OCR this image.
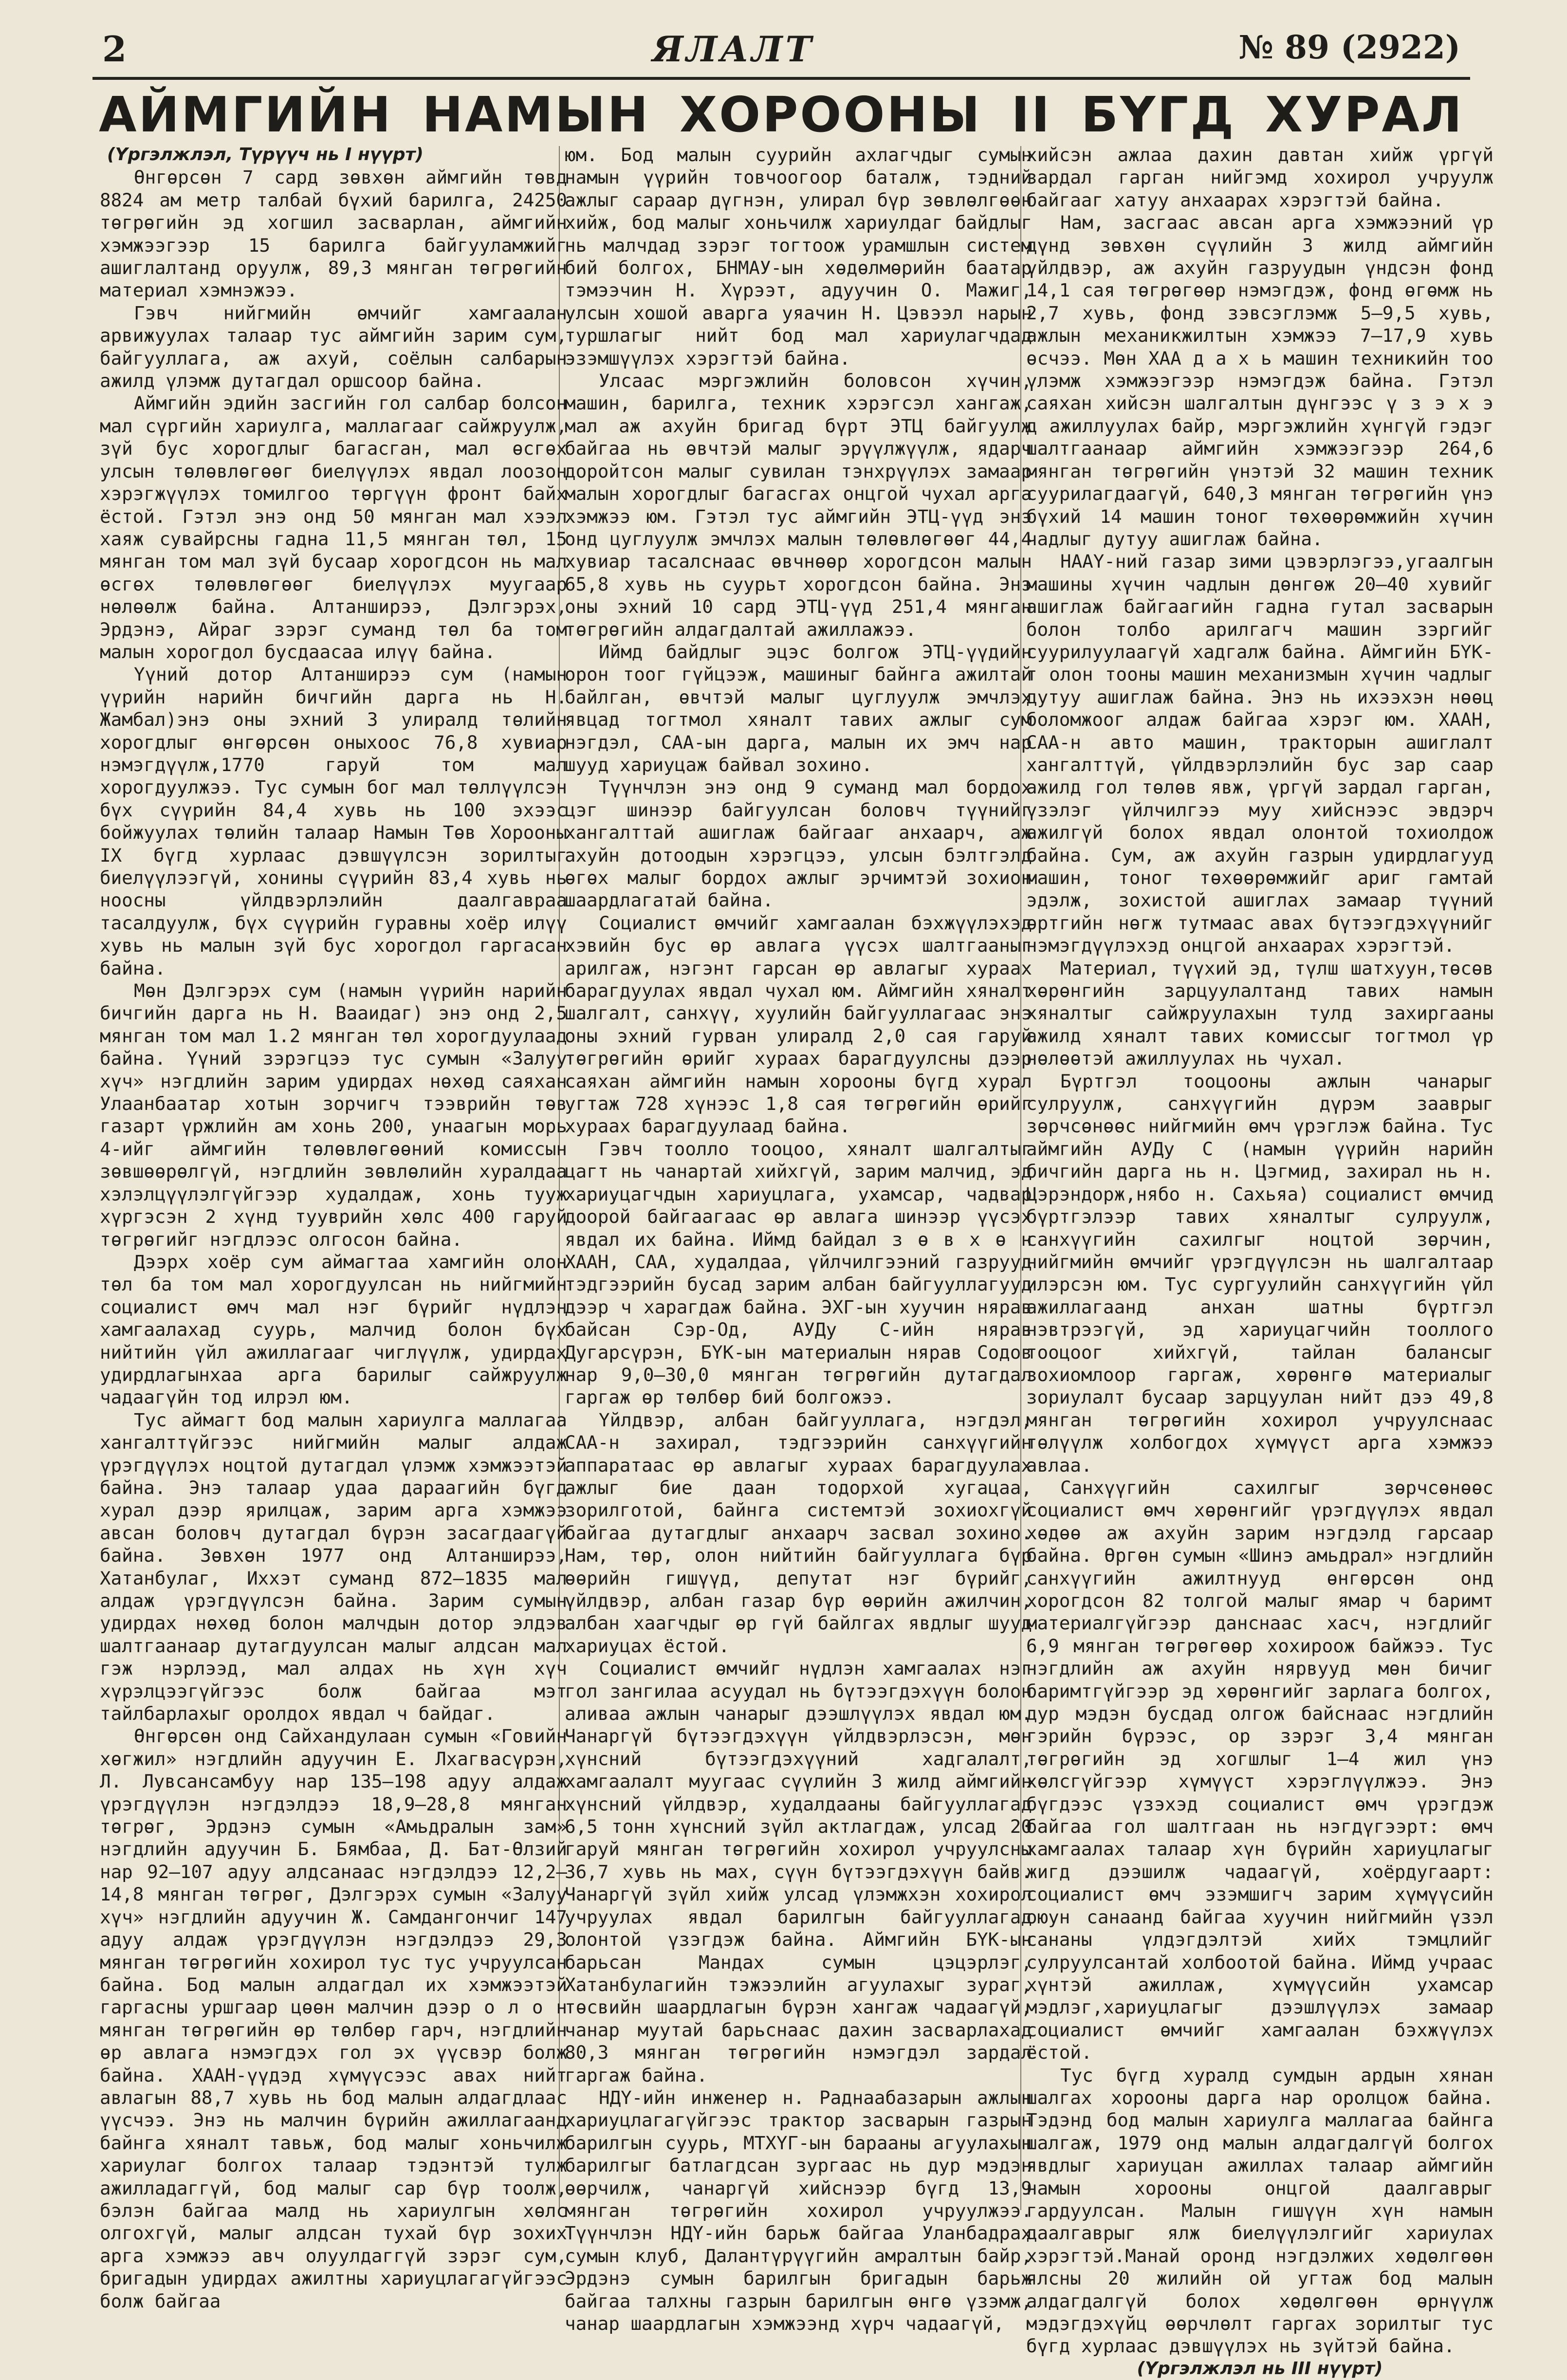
2	ЯЛАЛТ	№ 89 (2922)
АЙМГИЙН НАМЫН ХОРООНЫ II БҮГД ХУРАЛ

(Үргэлжлэл, Түрүүч нь I нүүрт)

Өнгөрсөн 7 сард зөвхөн аймгийн төвд 8824 ам метр талбай бүхий барилга, 24250 төгрөгийн эд хогшил засварлан, аймгийн хэмжээгээр 15 барилга байгууламжийг ашиглалтанд оруулж, 89,3 мянган төгрөгийн материал хэмнэжээ.

Гэвч нийгмийн өмчийг хамгаалан арвижуулах талаар тус аймгийн зарим сум, байгууллага, аж ахуй, соёлын салбарын ажилд үлэмж дутагдал оршсоор байна.

Аймгийн эдийн засгийн гол салбар болсон мал сүргийн хариулга, маллагааг сайжруулж, зүй бус хорогдлыг багасган, мал өсгөх улсын төлөвлөгөөг биелүүлэх явдал лоозон хэрэгжүүлэх томилгоо төргүүн фронт байх ёстой. Гэтэл энэ онд 50 мянган мал хээл хаяж сувайрсны гадна 11,5 мянган төл, 15 мянган том мал зүй бусаар хорогдсон нь мал өсгөх төлөвлөгөөг биелүүлэх муугаар нөлөөлж байна. Алтанширээ, Дэлгэрэх, Эрдэнэ, Айраг зэрэг суманд төл ба том малын хорогдол бусдаасаа илүү байна.

Үүний дотор Алтанширээ сум (намын үүрийн нарийн бичгийн дарга нь Н. Жамбал)энэ оны эхний 3 улиралд төлийн хорогдлыг өнгөрсөн оныхоос 76,8 хувиар нэмэгдүүлж,1770 гаруй том мал хорогдуулжээ. Тус сумын бог мал төллүүлсэн бүх сүүрийн 84,4 хувь нь 100 эхээс бойжуулах төлийн талаар Намын Төв Хорооны IX бүгд хурлаас дэвшүүлсэн зорилтыг биелүүлээгүй, хонины сүүрийн 83,4 хувь нь ноосны үйлдвэрлэлийн даалгавраа тасалдуулж, бүх сүүрийн гуравны хоёр илүү хувь нь малын зүй бус хорогдол гаргасан байна.

Мөн Дэлгэрэх сум (намын үүрийн нарийн бичгийн дарга нь Н. Вааидаг) энэ онд 2,5 мянган том мал 1.2 мянган төл хорогдуулаад байна. Үүний зэрэгцээ тус сумын «Залуу хүч» нэгдлийн зарим удирдах нөхөд саяхан Улаанбаатар хотын зорчигч тээврийн төв газарт үржлийн ам хонь 200, унаагын морь 4-ийг аймгийн төлөвлөгөөний комиссын зөвшөөрөлгүй, нэгдлийн зөвлөлийн хуралдаа хэлэлцүүлэлгүйгээр худалдаж, хонь тууж хүргэсэн 2 хүнд тууврийн хөлс 400 гаруй төгрөгийг нэгдлээс олгосон байна.

Дээрх хоёр сум аймагтаа хамгийн олон төл ба том мал хорогдуулсан нь нийгмийн социалист өмч мал нэг бүрийг нүдлэн хамгаалахад суурь, малчид болон бүх нийтийн үйл ажиллагааг чиглүүлж, удирдах удирдлагынхаа арга барилыг сайжруулж чадаагүйн тод илрэл юм.

Тус аймагт бод малын хариулга маллагаа хангалттүйгээс нийгмийн малыг алдаж үрэгдүүлэх ноцтой дутагдал үлэмж хэмжээтэй байна. Энэ талаар удаа дараагийн бүгд хурал дээр ярилцаж, зарим арга хэмжээ авсан боловч дутагдал бүрэн засагдаагүй байна. Зөвхөн 1977 онд Алтанширээ, Хатанбулаг, Иххэт суманд 872—1835 мал алдаж үрэгдүүлсэн байна. Зарим сумын удирдах нөхөд болон малчдын дотор элдэв шалтгаанаар дутагдуулсан малыг алдсан мал гэж нэрлээд, мал алдах нь хүн хүч хүрэлцээгүйгээс болж байгаа мэт тайлбарлахыг оролдох явдал ч байдаг.

Өнгөрсөн онд Сайхандулаан сумын «Говийн хөгжил» нэгдлийн адуучин Е. Лхагвасүрэн, Л. Лувсансамбуу нар 135—198 адуу алдаж үрэгдүүлэн нэгдэлдээ 18,9—28,8 мянган төгрөг, Эрдэнэ сумын «Амьдралын зам» нэгдлийн адуучин Б. Бямбаа, Д. Бат-Өлзий нар 92—107 адуу алдсанаас нэгдэлдээ 12,2—14,8 мянган төгрөг, Дэлгэрэх сумын «Залуу хүч» нэгдлийн адуучин Ж. Самдангончиг 147 адуу алдаж үрэгдүүлэн нэгдэлдээ 29,3 мянган төгрөгийн хохирол тус тус учруулсан байна. Бод малын алдагдал их хэмжээтэй гаргасны уршгаар цөөн малчин дээр о л о н мянган төгрөгийн өр төлбөр гарч, нэгдлийн өр авлага нэмэгдэх гол эх үүсвэр болж байна. ХААН-үүдэд хүмүүсээс авах нийт авлагын 88,7 хувь нь бод малын алдагдлаас үүсчээ. Энэ нь малчин бүрийн ажиллагаанд байнга хяналт тавьж, бод малыг хоньчилж хариулаг болгох талаар тэдэнтэй тулж ажилладаггүй, бод малыг сар бүр тоолж, бэлэн байгаа малд нь хариулгын хөлс олгохгүй, малыг алдсан тухай бүр зохих арга хэмжээ авч олуулдаггүй зэрэг сум, бригадын удирдах ажилтны хариуцлагагүйгээс болж байгаа

юм. Бод малын суурийн ахлагчдыг сумын намын үүрийн товчоогоор баталж, тэдний ажлыг сараар дүгнэн, улирал бүр зөвлөлгөөн хийж, бод малыг хоньчилж хариулдаг байдлыг нь малчдад зэрэг тогтоож урамшлын систем бий болгох, БНМАУ-ын хөдөлмөрийн баатар тэмээчин Н. Хүрээт, адуучин О. Мажиг, улсын хошой аварга уяачин Н. Цэвээл нарын туршлагыг нийт бод мал хариулагчдад эзэмшүүлэх хэрэгтэй байна.

Улсаас мэргэжлийн боловсон хүчин, машин, барилга, техник хэрэгсэл хангаж, мал аж ахуйн бригад бүрт ЭТЦ байгуулж байгаа нь өвчтэй малыг эрүүлжүүлж, ядарч доройтсон малыг сувилан тэнхрүүлэх замаар малын хорогдлыг багасгах онцгой чухал арга хэмжээ юм. Гэтэл тус аймгийн ЭТЦ-үүд энэ онд цуглуулж эмчлэх малын төлөвлөгөөг 44,4 хувиар тасалснаас өвчнөөр хорогдсон малын 65,8 хувь нь суурьт хорогдсон байна. Энэ оны эхний 10 сард ЭТЦ-үүд 251,4 мянган төгрөгийн алдагдалтай ажиллажээ.

Иймд байдлыг эцэс болгож ЭТЦ-үүдийн орон тоог гүйцээж, машиныг байнга ажилтай байлган, өвчтэй малыг цуглуулж эмчлэх явцад тогтмол хяналт тавих ажлыг сум нэгдэл, САА-ын дарга, малын их эмч нар шууд хариуцаж байвал зохино.

Түүнчлэн энэ онд 9 суманд мал бордох цэг шинээр байгуулсан боловч түүнийг хангалттай ашиглаж байгааг анхаарч, аж ахуйн дотоодын хэрэгцээ, улсын бэлтгэлд өгөх малыг бордох ажлыг эрчимтэй зохион шаардлагатай байна.

Социалист өмчийг хамгаалан бэхжүүлэхэд хэвийн бус өр авлага үүсэх шалтгааныг арилгаж, нэгэнт гарсан өр авлагыг хураах барагдуулах явдал чухал юм. Аймгийн хяналт шалгалт, санхүү, хуулийн байгууллагаас энэ оны эхний гурван улиралд 2,0 сая гаруй төгрөгийн өрийг хураах барагдуулсны дээр саяхан аймгийн намын хорооны бүгд хурал угтаж 728 хүнээс 1,8 сая төгрөгийн өрийг хураах барагдуулаад байна.

Гэвч тоолло тооцоо, хяналт шалгалтыг цагт нь чанартай хийхгүй, зарим малчид, эд хариуцагчдын хариуцлага, ухамсар, чадвар доорой байгаагаас өр авлага шинээр үүсэх явдал их байна. Иймд байдал з ө в х ө н ХААН, САА, худалдаа, үйлчилгээний газрууд тэдгээрийн бусад зарим албан байгууллагууд дээр ч харагдаж байна. ЭХГ-ын хуучин нярав байсан Сэр-Од, АУДу С-ийн нярав Дугарсүрэн, БҮК-ын материалын нярав Содов нар 9,0—30,0 мянган төгрөгийн дутагдал гаргаж өр төлбөр бий болгожээ.

Үйлдвэр, албан байгууллага, нэгдэл, САА-н захирал, тэдгээрийн санхүүгийн аппаратаас өр авлагыг хураах барагдуулах ажлыг бие даан тодорхой хугацаа, зорилготой, байнга системтэй зохиохгүй байгаа дутагдлыг анхаарч засвал зохино. Нам, төр, олон нийтийн байгууллага бүр өөрийн гишүүд, депутат нэг бүрийг, үйлдвэр, албан газар бүр өөрийн ажилчин, албан хаагчдыг өр гүй байлгах явдлыг шууд хариуцах ёстой.

Социалист өмчийг нүдлэн хамгаалах нэг гол зангилаа асуудал нь бүтээгдэхүүн болон аливаа ажлын чанарыг дээшлүүлэх явдал юм. Чанаргүй бүтээгдэхүүн үйлдвэрлэсэн, мөн хүнсний бүтээгдэхүүний хадгалалт, хамгаалалт муугаас сүүлийн 3 жилд аймгийн хүнсний үйлдвэр, худалдааны байгууллагад 6,5 тонн хүнсний зүйл актлагдаж, улсад 20 гаруй мянган төгрөгийн хохирол учруулсны 36,7 хувь нь мах, сүүн бүтээгдэхүүн байв. Чанаргүй зүйл хийж улсад үлэмжхэн хохирол учруулах явдал барилгын байгууллагад олонтой үзэгдэж байна. Аймгийн БҮК-ын барьсан Мандах сумын цэцэрлэг, Хатанбулагийн тэжээлийн агуулахыг зураг, төсвийн шаардлагын бүрэн хангаж чадаагүй, чанар муутай барьснаас дахин засварлахад 80,3 мянган төгрөгийн нэмэгдэл зардал гаргаж байна.

НДҮ-ийн инженер н. Раднаабазарын ажлын хариуцлагагүйгээс трактор засварын газрын барилгын суурь, МТХҮГ-ын барааны агуулахын барилгыг батлагдсан зургаас нь дур мэдэн өөрчилж, чанаргүй хийснээр бүгд 13,9 мянган төгрөгийн хохирол учруулжээ. Түүнчлэн НДҮ-ийн барьж байгаа Уланбадрах сумын клуб, Далантүрүүгийн амралтын байр, Эрдэнэ сумын барилгын бригадын барьж байгаа талхны газрын барилгын өнгө үзэмж, чанар шаардлагын хэмжээнд хүрч чадаагүй,

хийсэн ажлаа дахин давтан хийж үргүй зардал гарган нийгэмд хохирол учруулж байгааг хатуу анхаарах хэрэгтэй байна.

Нам, засгаас авсан арга хэмжээний үр дүнд зөвхөн сүүлийн 3 жилд аймгийн үйлдвэр, аж ахуйн газруудын үндсэн фонд 14,1 сая төгрөгөөр нэмэгдэж, фонд өгөмж нь 2,7 хувь, фонд зэвсэглэмж 5—9,5 хувь, ажлын механикжилтын хэмжээ 7—17,9 хувь өсчээ. Мөн ХАА д а х ь машин техникийн тоо үлэмж хэмжээгээр нэмэгдэж байна. Гэтэл саяхан хийсэн шалгалтын дүнгээс ү з э х э д ажиллуулах байр, мэргэжлийн хүнгүй гэдэг шалтгаанаар аймгийн хэмжээгээр 264,6 мянган төгрөгийн үнэтэй 32 машин техник суурилагдаагүй, 640,3 мянган төгрөгийн үнэ бүхий 14 машин тоног төхөөрөмжийн хүчин чадлыг дутуу ашиглаж байна.

НААҮ-ний газар зими цэвэрлэгээ,угаалгын машины хүчин чадлын дөнгөж 20—40 хувийг ашиглаж байгаагийн гадна гутал засварын болон толбо арилгагч машин зэргийг суурилуулаагүй хадгалж байна. Аймгийн БҮК-т олон тооны машин механизмын хүчин чадлыг дутуу ашиглаж байна. Энэ нь ихээхэн нөөц боломжоог алдаж байгаа хэрэг юм. ХААН, САА-н авто машин, тракторын ашиглалт хангалттүй, үйлдвэрлэлийн бус зар саар ажилд гол төлөв явж, үргүй зардал гарган, үзэлэг үйлчилгээ муу хийснээс эвдэрч ажилгүй болох явдал олонтой тохиолдож байна. Сум, аж ахуйн газрын удирдлагууд машин, тоног төхөөрөмжийг ариг гамтай эдэлж, зохистой ашиглах замаар түүний өртгийн нөгж тутмаас авах бүтээгдэхүүнийг нэмэгдүүлэхэд онцгой анхаарах хэрэгтэй.

Материал, түүхий эд, түлш шатхуун,төсөв хөрөнгийн зарцуулалтанд тавих намын хяналтыг сайжруулахын тулд захиргааны ажилд хяналт тавих комиссыг тогтмол үр нөлөөтэй ажиллуулах нь чухал.

Бүртгэл тооцооны ажлын чанарыг сулруулж, санхүүгийн дүрэм зааврыг зөрчсөнөөс нийгмийн өмч үрэглэж байна. Тус аймгийн АУДу С (намын үүрийн нарийн бичгийн дарга нь н. Цэгмид, захирал нь н. Цэрэндорж,нябо н. Сахьяа) социалист өмчид бүртгэлээр тавих хяналтыг сулруулж, санхүүгийн сахилгыг ноцтой зөрчин, нийгмийн өмчийг үрэгдүүлсэн нь шалгалтаар илэрсэн юм. Тус сургуулийн санхүүгийн үйл ажиллагаанд анхан шатны бүртгэл нэвтрээгүй, эд хариуцагчийн тооллого тооцоог хийхгүй, тайлан балансыг зохиомлоор гаргаж, хөрөнгө материалыг зориулалт бусаар зарцуулан нийт дээ 49,8 мянган төгрөгийн хохирол учруулснаас төлүүлж холбогдох хүмүүст арга хэмжээ авлаа.

Санхүүгийн сахилгыг зөрчсөнөөс социалист өмч хөрөнгийг үрэгдүүлэх явдал хөдөө аж ахуйн зарим нэгдэлд гарсаар байна. Өргөн сумын «Шинэ амьдрал» нэгдлийн санхүүгийн ажилтнууд өнгөрсөн онд хорогдсон 82 толгой малыг ямар ч баримт материалгүйгээр данснаас хасч, нэгдлийг 6,9 мянган төгрөгөөр хохироож байжээ. Тус нэгдлийн аж ахуйн нярвууд мөн бичиг баримтгүйгээр эд хөрөнгийг зарлага болгох, дур мэдэн бусдад олгож байснаас нэгдлийн гэрийн бүрээс, ор зэрэг 3,4 мянган төгрөгийн эд хогшлыг 1—4 жил үнэ хөлсгүйгээр хүмүүст хэрэглүүлжээ. Энэ бүгдээс үзэхэд социалист өмч үрэгдэж байгаа гол шалтгаан нь нэгдүгээрт: өмч хамгаалах талаар хүн бүрийн хариуцлагыг жигд дээшилж чадаагүй, хоёрдугаарт: социалист өмч эзэмшигч зарим хүмүүсийн оюун санаанд байгаа хуучин нийгмийн үзэл сананы үлдэгдэлтэй хийх тэмцлийг сулруулсантай холбоотой байна. Иймд учраас хүнтэй ажиллаж, хүмүүсийн ухамсар мэдлэг,хариуцлагыг дээшлүүлэх замаар социалист өмчийг хамгаалан бэхжүүлэх ёстой.

Тус бүгд хуралд сумдын ардын хянан шалгах хорооны дарга нар оролцож байна. Тэдэнд бод малын хариулга маллагаа байнга шалгаж, 1979 онд малын алдагдалгүй болгох явдлыг хариуцан ажиллах талаар аймгийн намын хорооны онцгой даалгаврыг гардуулсан. Малын гишүүн хүн намын даалгаврыг ялж биелүүлэлгийг хариулах хэрэгтэй.Манай оронд нэгдэлжих хөдөлгөөн ялсны 20 жилийн ой угтаж бод малын алдагдалгүй болох хөдөлгөөн өрнүүлж мэдэгдэхүйц өөрчлөлт гаргах зорилтыг тус бүгд хурлаас дэвшүүлэх нь зүйтэй байна.

(Үргэлжлэл нь III нүүрт)
